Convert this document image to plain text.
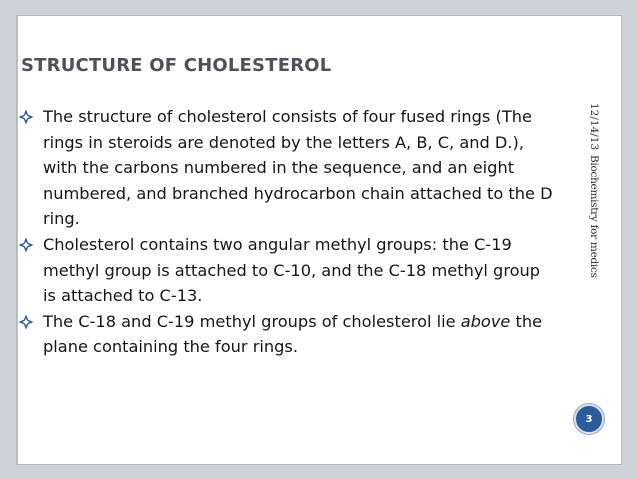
STRUCTURE OF CHOLESTEROL

The structure of cholesterol consists of four fused rings (The rings in steroids are denoted by the letters A, B, C, and D.), with the carbons numbered in the sequence, and an eight numbered, and branched hydrocarbon chain attached to the D ring.

Cholesterol contains two angular methyl groups: the C-19 methyl group is attached to C-10, and the C-18 methyl group is attached to C-13.

The C-18 and C-19 methyl groups of cholesterol lie above the plane containing the four rings.

12/14/13

Biochemistry for medics

3
